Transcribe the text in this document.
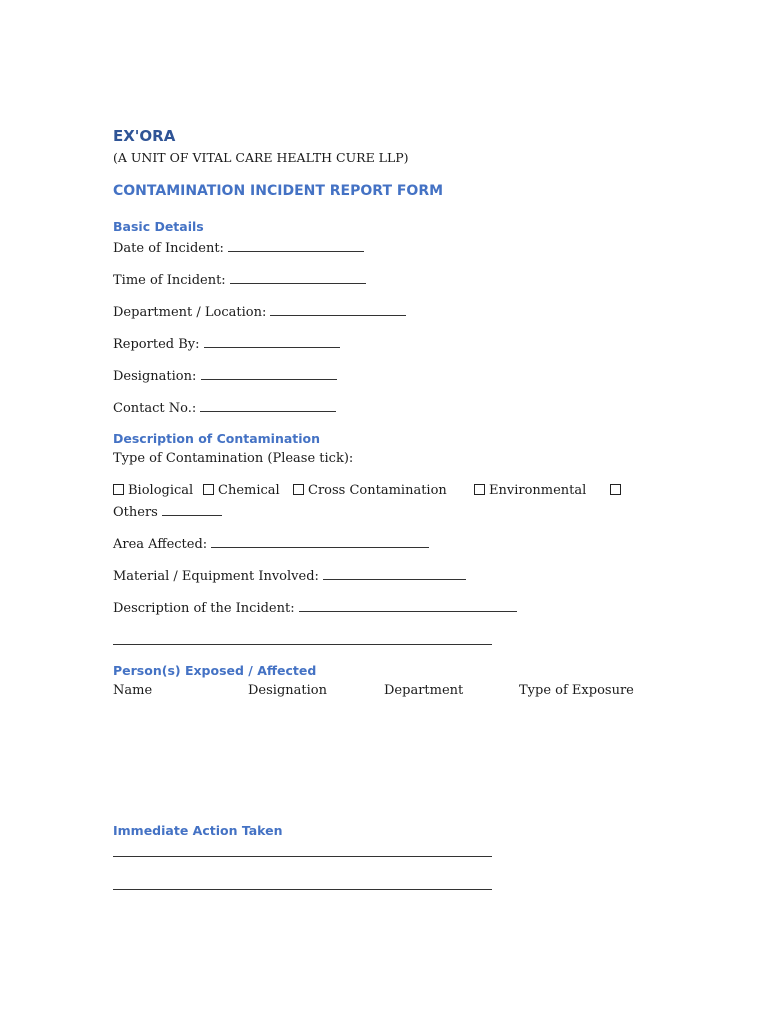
EX'ORA
(A UNIT OF VITAL CARE HEALTH CURE LLP)
CONTAMINATION INCIDENT REPORT FORM
Basic Details
Date of Incident:
Time of Incident:
Department / Location:
Reported By:
Designation:
Contact No.:
Description of Contamination
Type of Contamination (Please tick):
Biological	Chemical	Cross Contamination	Environmental
Others
Area Affected:
Material / Equipment Involved:
Description of the Incident:
Person(s) Exposed / Affected
Name	Designation	Department	Type of Exposure
Immediate Action Taken
